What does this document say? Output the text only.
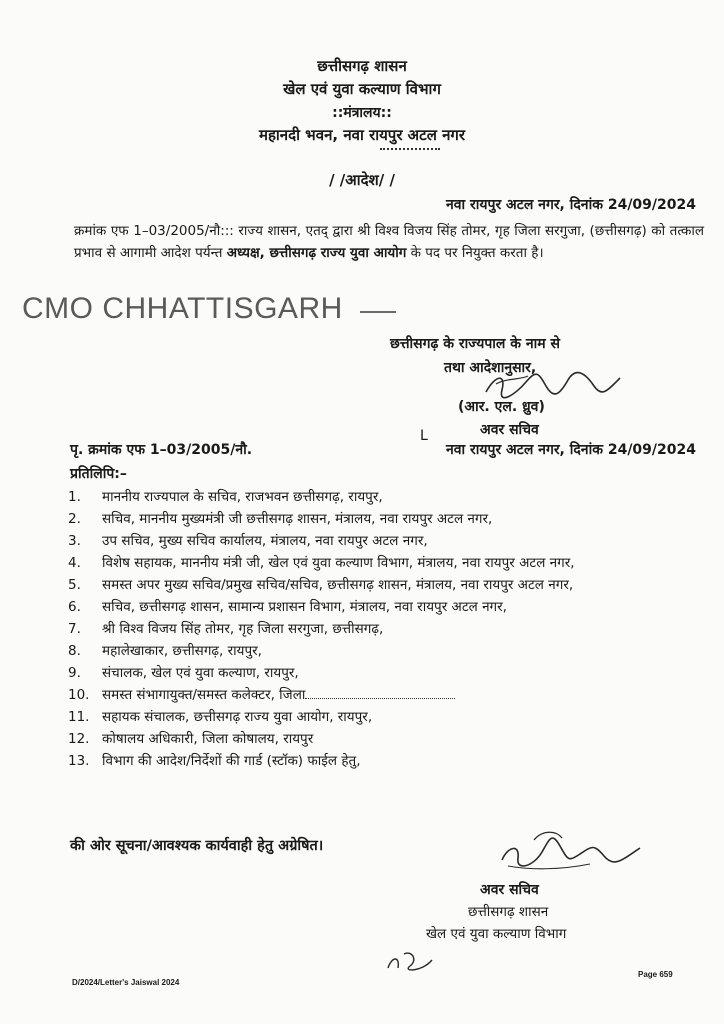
छत्तीसगढ़ शासन
खेल एवं युवा कल्याण विभाग
::मंत्रालय::
महानदी भवन, नवा रायपुर अटल नगर
/ /आदेश/ /
नवा रायपुर अटल नगर, दिनांक 24/09/2024
क्रमांक एफ 1–03/2005/नौ::: राज्य शासन, एतद् द्वारा श्री विश्व विजय सिंह तोमर, गृह जिला सरगुजा, (छत्तीसगढ़) को तत्काल प्रभाव से आगामी आदेश पर्यन्त अध्यक्ष, छत्तीसगढ़ राज्य युवा आयोग के पद पर नियुक्त करता है।
CMO CHHATTISGARH
छत्तीसगढ़ के राज्यपाल के नाम से
तथा आदेशानुसार,
(आर. एल. ध्रुव)
ᒪ	अवर सचिव
पृ. क्रमांक एफ 1–03/2005/नौ.	नवा रायपुर अटल नगर, दिनांक 24/09/2024
प्रतिलिपि:–
1.	माननीय राज्यपाल के सचिव, राजभवन छत्तीसगढ़, रायपुर,
2.	सचिव, माननीय मुख्यमंत्री जी छत्तीसगढ़ शासन, मंत्रालय, नवा रायपुर अटल नगर,
3.	उप सचिव, मुख्य सचिव कार्यालय, मंत्रालय, नवा रायपुर अटल नगर,
4.	विशेष सहायक, माननीय मंत्री जी, खेल एवं युवा कल्याण विभाग, मंत्रालय, नवा रायपुर अटल नगर,
5.	समस्त अपर मुख्य सचिव/प्रमुख सचिव/सचिव, छत्तीसगढ़ शासन, मंत्रालय, नवा रायपुर अटल नगर,
6.	सचिव, छत्तीसगढ़ शासन, सामान्य प्रशासन विभाग, मंत्रालय, नवा रायपुर अटल नगर,
7.	श्री विश्व विजय सिंह तोमर, गृह जिला सरगुजा, छत्तीसगढ़,
8.	महालेखाकार, छत्तीसगढ़, रायपुर,
9.	संचालक, खेल एवं युवा कल्याण, रायपुर,
10. समस्त संभागायुक्त/समस्त कलेक्टर, जिला
11. सहायक संचालक, छत्तीसगढ़ राज्य युवा आयोग, रायपुर,
12. कोषालय अधिकारी, जिला कोषालय, रायपुर
13. विभाग की आदेश/निर्देशों की गार्ड (स्टॉक) फाईल हेतु,
की ओर सूचना/आवश्यक कार्यवाही हेतु अग्रेषित।
अवर सचिव
छत्तीसगढ़ शासन
खेल एवं युवा कल्याण विभाग
D/2024/Letter's Jaiswal 2024
Page 659
